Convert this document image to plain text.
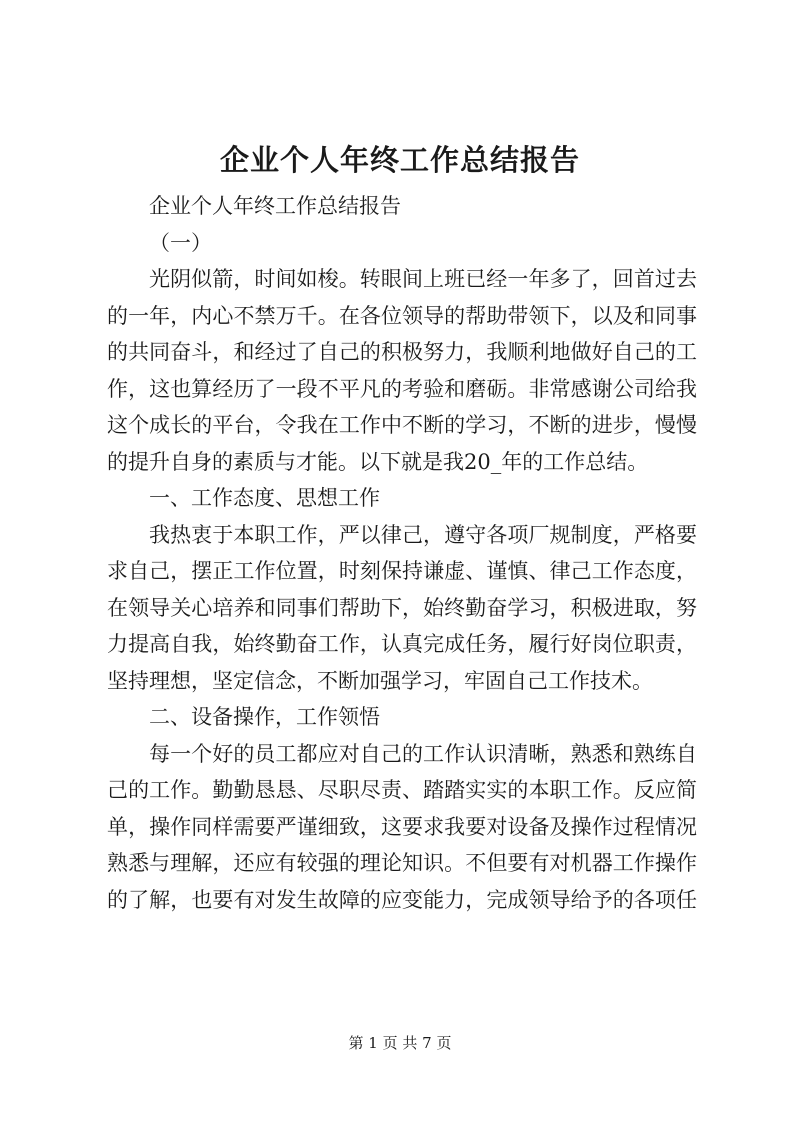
企业个人年终工作总结报告
企业个人年终工作总结报告
（一）
光阴似箭，时间如梭。转眼间上班已经一年多了，回首过去
的一年，内心不禁万千。在各位领导的帮助带领下，以及和同事
的共同奋斗，和经过了自己的积极努力，我顺利地做好自己的工
作，这也算经历了一段不平凡的考验和磨砺。非常感谢公司给我
这个成长的平台，令我在工作中不断的学习，不断的进步，慢慢
的提升自身的素质与才能。以下就是我20_年的工作总结。
一、工作态度、思想工作
我热衷于本职工作，严以律己，遵守各项厂规制度，严格要
求自己，摆正工作位置，时刻保持谦虚、谨慎、律己工作态度，
在领导关心培养和同事们帮助下，始终勤奋学习，积极进取，努
力提高自我，始终勤奋工作，认真完成任务，履行好岗位职责，
坚持理想，坚定信念，不断加强学习，牢固自己工作技术。
二、设备操作，工作领悟
每一个好的员工都应对自己的工作认识清晰，熟悉和熟练自
己的工作。勤勤恳恳、尽职尽责、踏踏实实的本职工作。反应简
单，操作同样需要严谨细致，这要求我要对设备及操作过程情况
熟悉与理解，还应有较强的理论知识。不但要有对机器工作操作
的了解，也要有对发生故障的应变能力，完成领导给予的各项任
第 1 页 共 7 页
